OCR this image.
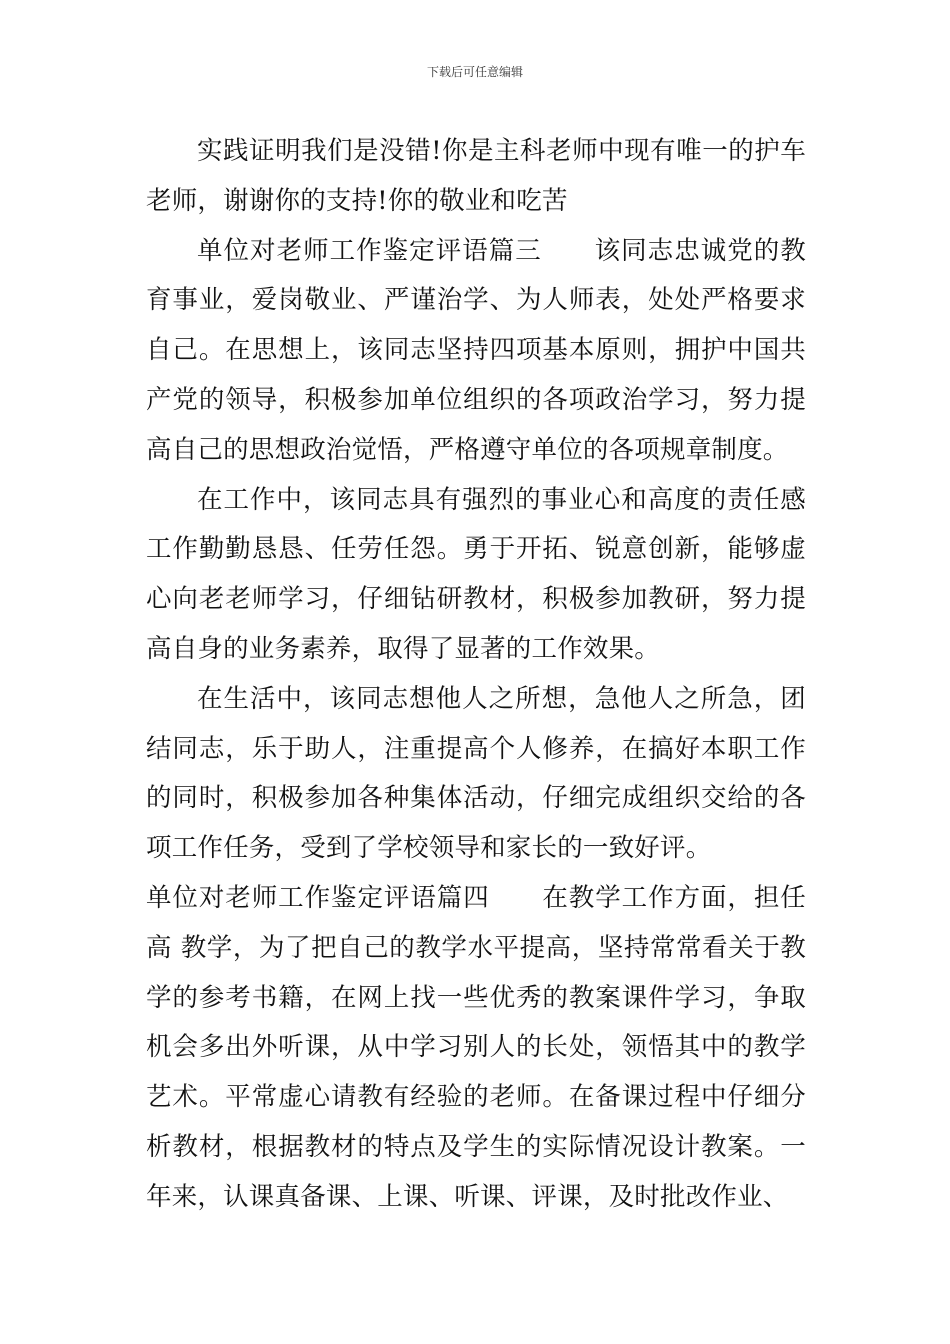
下载后可任意编辑

实践证明我们是没错!你是主科老师中现有唯一的护车老师，谢谢你的支持!你的敬业和吃苦

单位对老师工作鉴定评语篇三 该同志忠诚党的教育事业，爱岗敬业、严谨治学、为人师表，处处严格要求自己。在思想上，该同志坚持四项基本原则，拥护中国共产党的领导，积极参加单位组织的各项政治学习，努力提高自己的思想政治觉悟，严格遵守单位的各项规章制度。

在工作中，该同志具有强烈的事业心和高度的责任感工作勤勤恳恳、任劳任怨。勇于开拓、锐意创新，能够虚心向老老师学习，仔细钻研教材，积极参加教研，努力提高自身的业务素养，取得了显著的工作效果。

在生活中，该同志想他人之所想，急他人之所急，团结同志，乐于助人，注重提高个人修养，在搞好本职工作的同时，积极参加各种集体活动，仔细完成组织交给的各项工作任务，受到了学校领导和家长的一致好评。

单位对老师工作鉴定评语篇四 在教学工作方面，担任高 教学，为了把自己的教学水平提高，坚持常常看关于教学的参考书籍，在网上找一些优秀的教案课件学习，争取机会多出外听课，从中学习别人的长处，领悟其中的教学艺术。平常虚心请教有经验的老师。在备课过程中仔细分析教材，根据教材的特点及学生的实际情况设计教案。一年来，认课真备课、上课、听课、评课，及时批改作业、
